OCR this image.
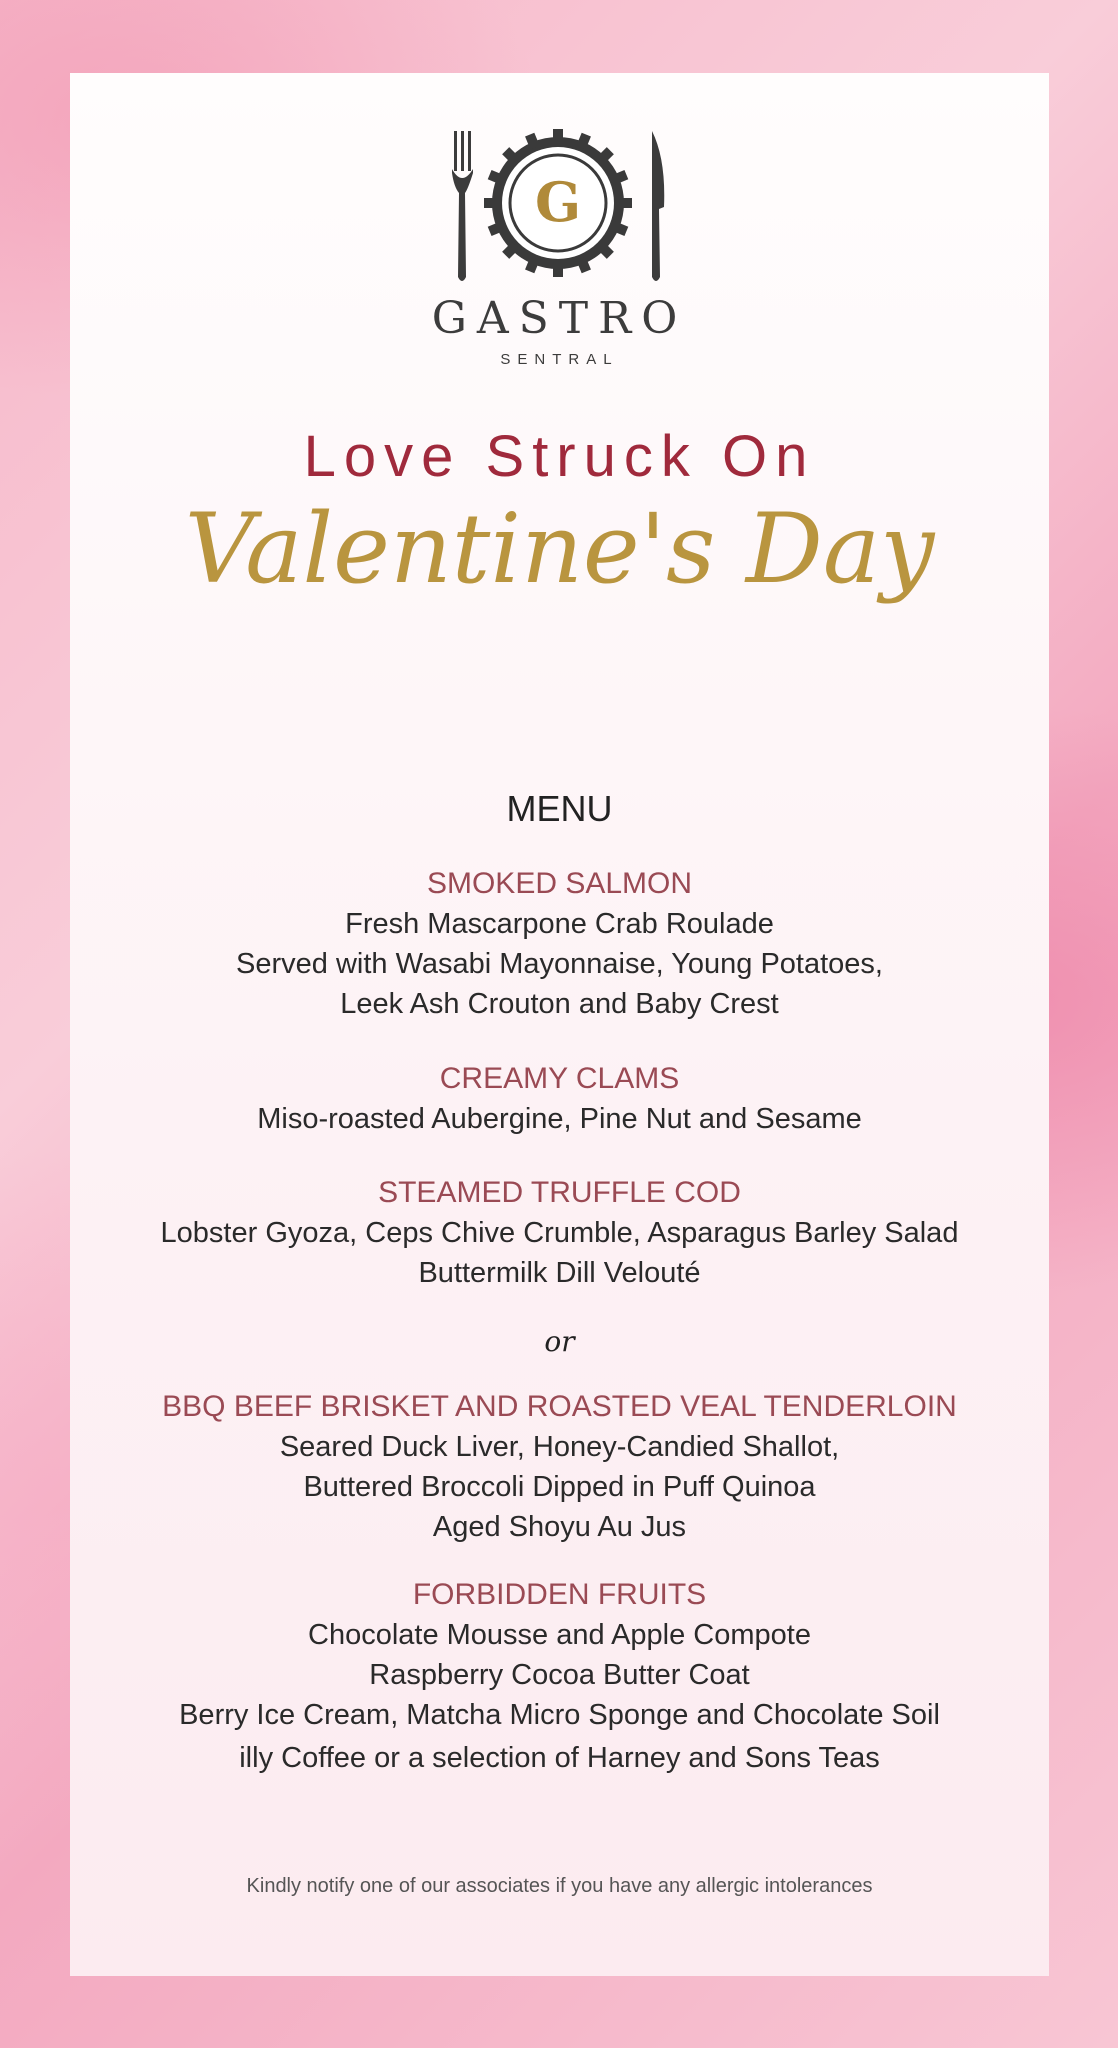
G
GASTRO
SENTRAL
Love Struck On
Valentine's Day
MENU
SMOKED SALMON
Fresh Mascarpone Crab Roulade
Served with Wasabi Mayonnaise, Young Potatoes,
Leek Ash Crouton and Baby Crest
CREAMY CLAMS
Miso-roasted Aubergine, Pine Nut and Sesame
STEAMED TRUFFLE COD
Lobster Gyoza, Ceps Chive Crumble, Asparagus Barley Salad
Buttermilk Dill Velouté
or
BBQ BEEF BRISKET AND ROASTED VEAL TENDERLOIN
Seared Duck Liver, Honey-Candied Shallot,
Buttered Broccoli Dipped in Puff Quinoa
Aged Shoyu Au Jus
FORBIDDEN FRUITS
Chocolate Mousse and Apple Compote
Raspberry Cocoa Butter Coat
Berry Ice Cream, Matcha Micro Sponge and Chocolate Soil
illy Coffee or a selection of Harney and Sons Teas
Kindly notify one of our associates if you have any allergic intolerances
